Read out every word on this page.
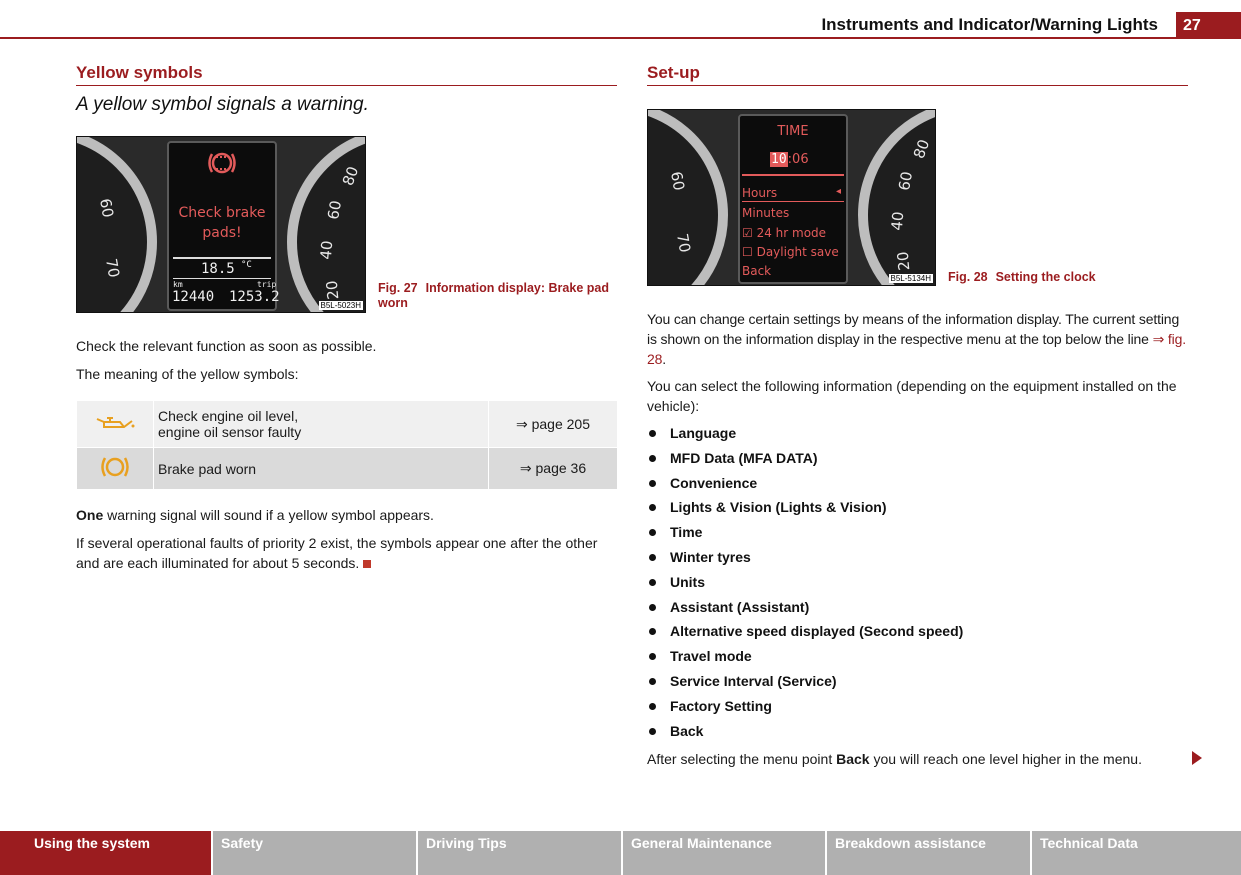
Instruments and Indicator/Warning Lights	27
Yellow symbols
A yellow symbol signals a warning.
60
70
80
60
40
20
Check brake
pads!
18.5 °C
km	trip
12440 1253.2
B5L-5023H
Fig. 27 Information display: Brake pad worn

Check the relevant function as soon as possible.

The meaning of the yellow symbols:

Check engine oil level,
engine oil sensor faulty	⇒ page 205
	Brake pad worn	⇒ page 36

One warning signal will sound if a yellow symbol appears.

If several operational faults of priority 2 exist, the symbols appear one after the other and are each illuminated for about 5 seconds.

Set-up
60
70
80
60
40
20
TIME
10:06
Hours	◂
Minutes
☑ 24 hr mode
☐ Daylight save
Back
B5L-5134H Fig. 28 Setting the clock

You can change certain settings by means of the information display. The current setting is shown on the information display in the respective menu at the top below the line ⇒ fig. 28.

You can select the following information (depending on the equipment installed on the vehicle):

Language
MFD Data (MFA DATA)
Convenience
Lights & Vision (Lights & Vision)
Time
Winter tyres
Units
Assistant (Assistant)
Alternative speed displayed (Second speed)
Travel mode
Service Interval (Service)
Factory Setting
Back

After selecting the menu point Back you will reach one level higher in the menu.

Using the system	Safety	Driving Tips	General Maintenance	Breakdown assistance	Technical Data
